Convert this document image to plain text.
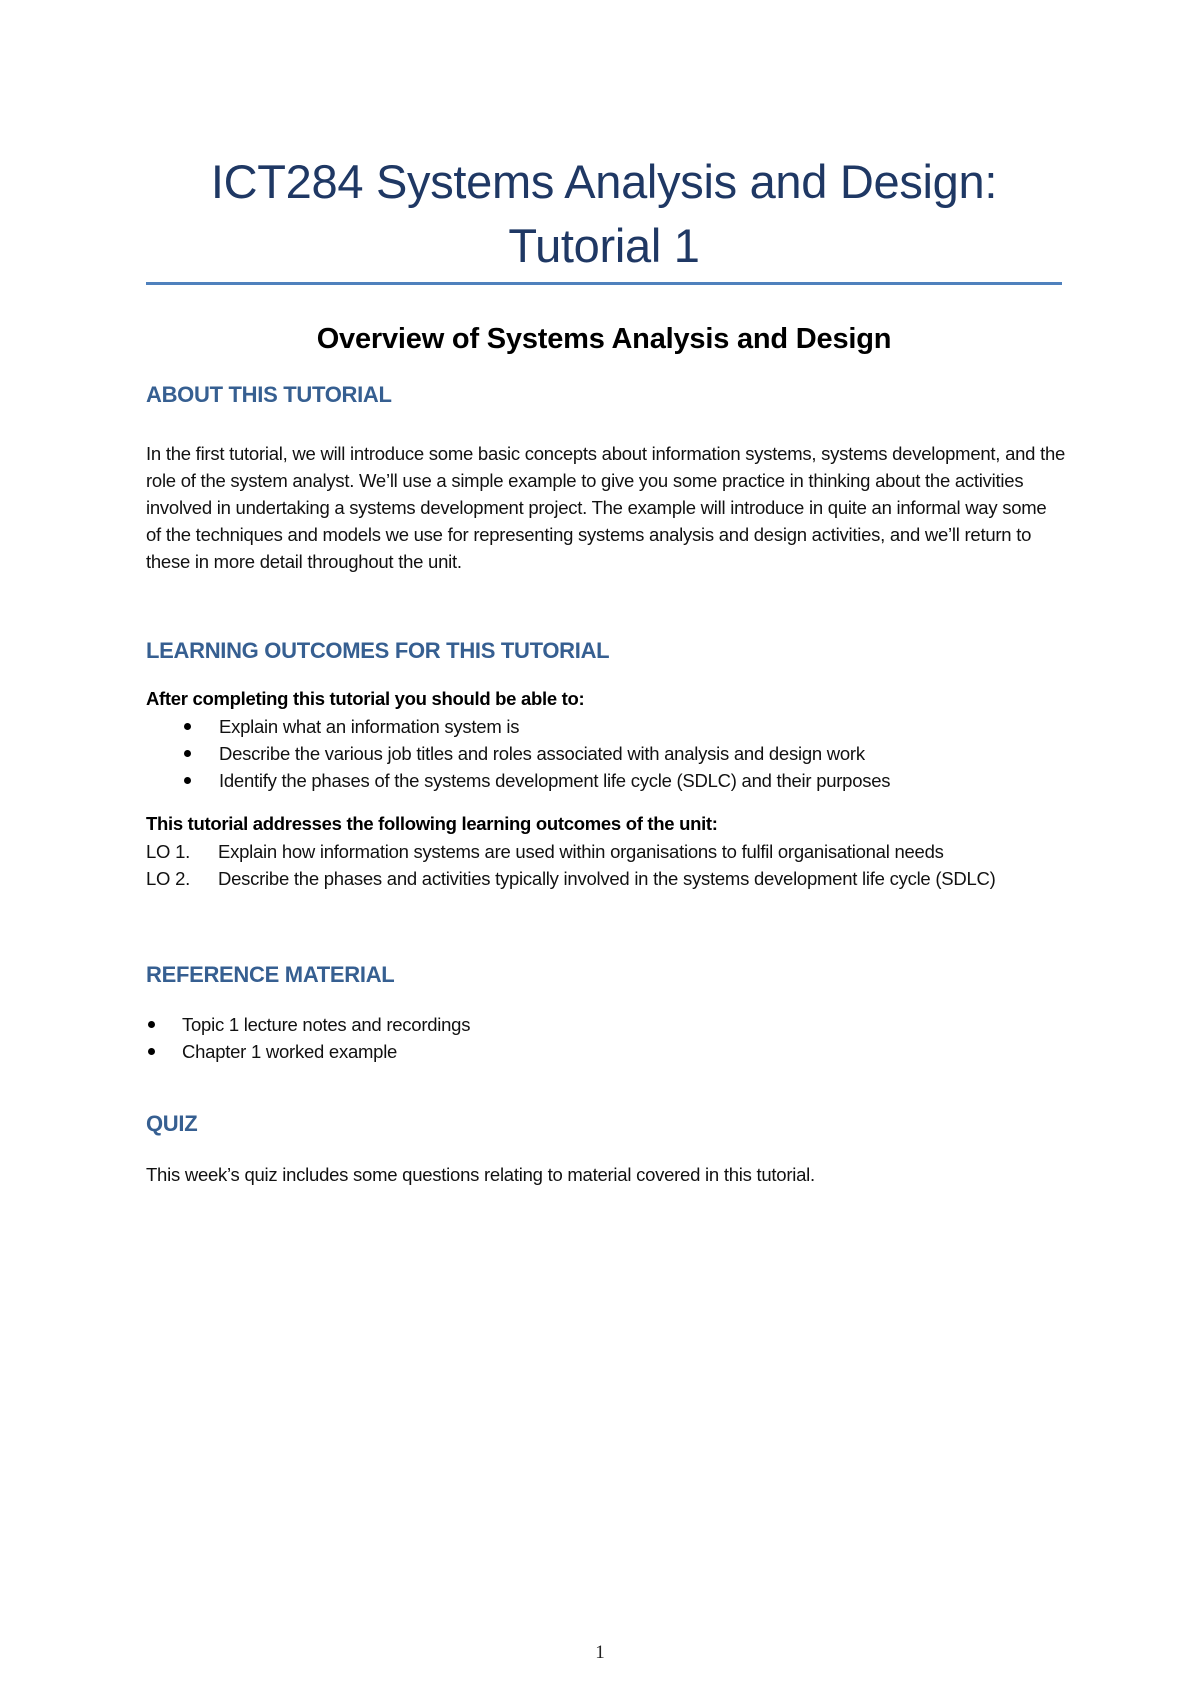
ICT284 Systems Analysis and Design:
Tutorial 1
Overview of Systems Analysis and Design
ABOUT THIS TUTORIAL
In the first tutorial, we will introduce some basic concepts about information systems, systems development, and the role of the system analyst. We’ll use a simple example to give you some practice in thinking about the activities involved in undertaking a systems development project. The example will introduce in quite an informal way some of the techniques and models we use for representing systems analysis and design activities, and we’ll return to these in more detail throughout the unit.
LEARNING OUTCOMES FOR THIS TUTORIAL
After completing this tutorial you should be able to:
Explain what an information system is
Describe the various job titles and roles associated with analysis and design work
Identify the phases of the systems development life cycle (SDLC) and their purposes
This tutorial addresses the following learning outcomes of the unit:
LO 1. Explain how information systems are used within organisations to fulfil organisational needs
LO 2. Describe the phases and activities typically involved in the systems development life cycle (SDLC)
REFERENCE MATERIAL
Topic 1 lecture notes and recordings
Chapter 1 worked example
QUIZ
This week’s quiz includes some questions relating to material covered in this tutorial.
1
